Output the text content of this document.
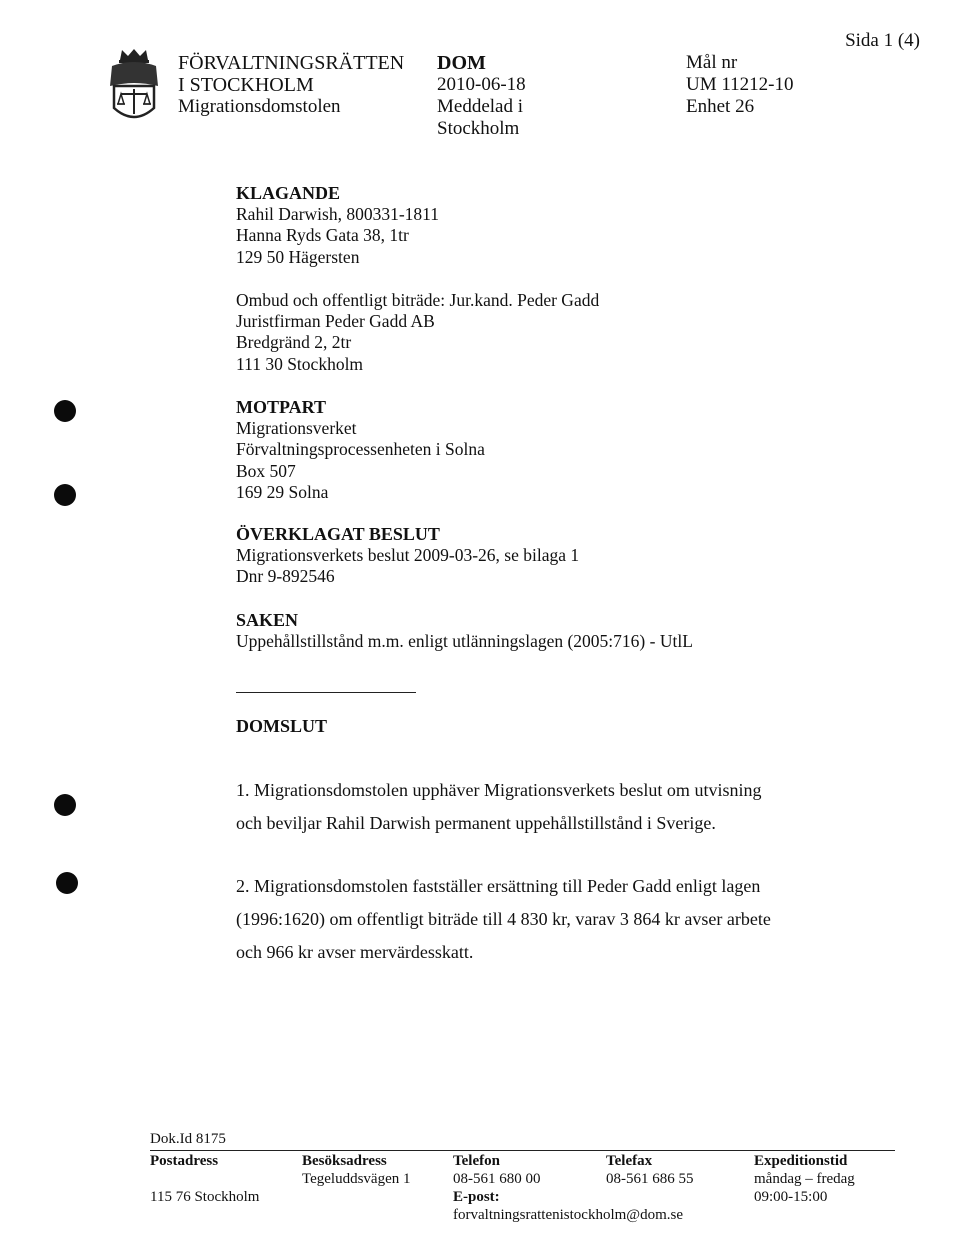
FÖRVALTNINGSRÄTTEN
I STOCKHOLM
Migrationsdomstolen
DOM
2010-06-18
Meddelad i
Stockholm
Mål nr
UM 11212-10
Enhet 26
Sida 1 (4)
KLAGANDE
Rahil Darwish, 800331-1811
Hanna Ryds Gata 38, 1tr
129 50 Hägersten
Ombud och offentligt biträde: Jur.kand. Peder Gadd
Juristfirman Peder Gadd AB
Bredgränd 2, 2tr
111 30 Stockholm
MOTPART
Migrationsverket
Förvaltningsprocessenheten i Solna
Box 507
169 29 Solna
ÖVERKLAGAT BESLUT
Migrationsverkets beslut 2009-03-26, se bilaga 1
Dnr 9-892546
SAKEN
Uppehållstillstånd m.m. enligt utlänningslagen (2005:716) - UtlL
DOMSLUT
1. Migrationsdomstolen upphäver Migrationsverkets beslut om utvisning
och beviljar Rahil Darwish permanent uppehållstillstånd i Sverige.
2. Migrationsdomstolen fastställer ersättning till Peder Gadd enligt lagen
(1996:1620) om offentligt biträde till 4 830 kr, varav 3 864 kr avser arbete
och 966 kr avser mervärdesskatt.
Dok.Id 8175
Postadress
115 76 Stockholm
Besöksadress
Tegeluddsvägen 1
Telefon
08-561 680 00
E-post:
forvaltningsrattenistockholm@dom.se
Telefax
08-561 686 55
Expeditionstid
måndag – fredag
09:00-15:00
